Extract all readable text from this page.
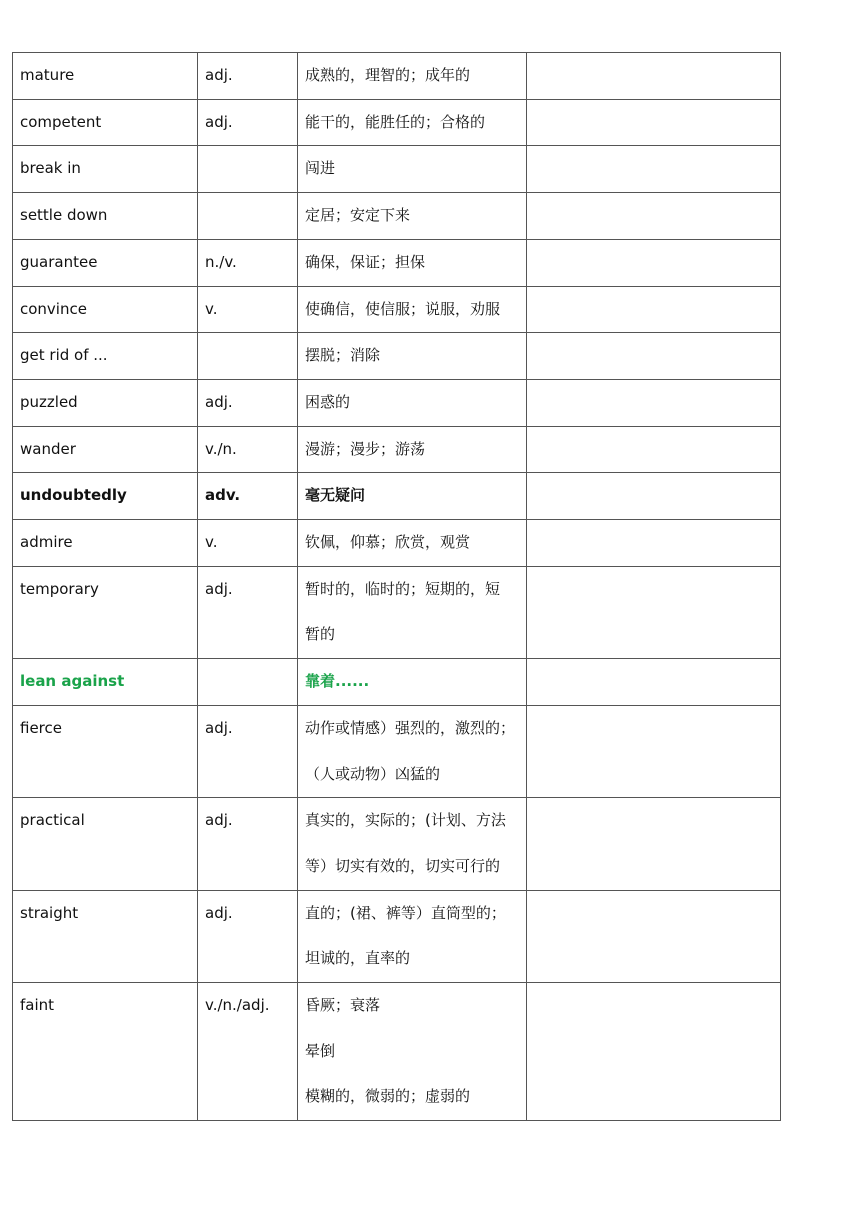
mature	adj.	成熟的，理智的；成年的	

competent	adj.	能干的，能胜任的；合格的	

break in		闯进	

settle down		定居；安定下来	

guarantee	n./v.	确保，保证；担保	

convince	v.	使确信，使信服；说服，劝服	

get rid of ...		摆脱；消除	

puzzled	adj.	困惑的	

wander	v./n.	漫游；漫步；游荡	

undoubtedly	adv.	毫无疑问	

admire	v.	钦佩，仰慕；欣赏，观赏	

temporary	adj.	暂时的，临时的；短期的，短
暂的	

lean against		靠着......	

fierce	adj.	动作或情感）强烈的，激烈的；
（人或动物）凶猛的	

practical	adj.	真实的，实际的；(计划、方法
等）切实有效的，切实可行的	

straight	adj.	直的；(裙、裤等）直筒型的；
坦诚的，直率的	

faint	v./n./adj.	昏厥；衰落
晕倒
模糊的，微弱的；虚弱的	
